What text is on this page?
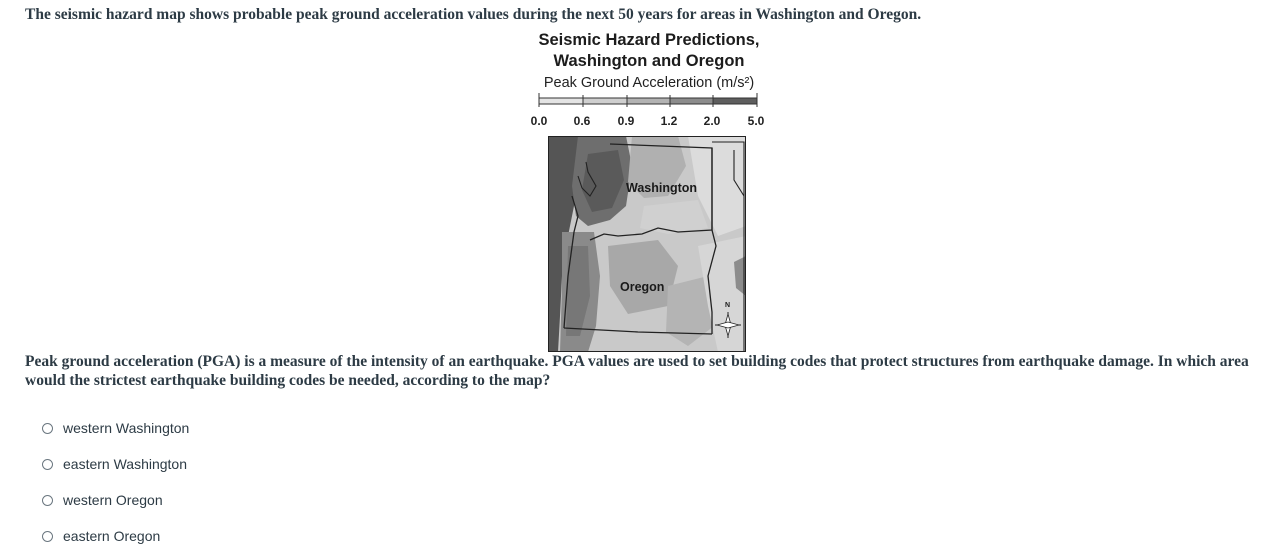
The seismic hazard map shows probable peak ground acceleration values during the next 50 years for areas in Washington and Oregon.
Seismic Hazard Predictions,
Washington and Oregon
Peak Ground Acceleration (m/s²)
0.0 0.6 0.9 1.2 2.0 5.0
Washington
Oregon
N
Peak ground acceleration (PGA) is a measure of the intensity of an earthquake. PGA values are used to set building codes that protect structures from earthquake damage. In which area would the strictest earthquake building codes be needed, according to the map?
western Washington
eastern Washington
western Oregon
eastern Oregon
